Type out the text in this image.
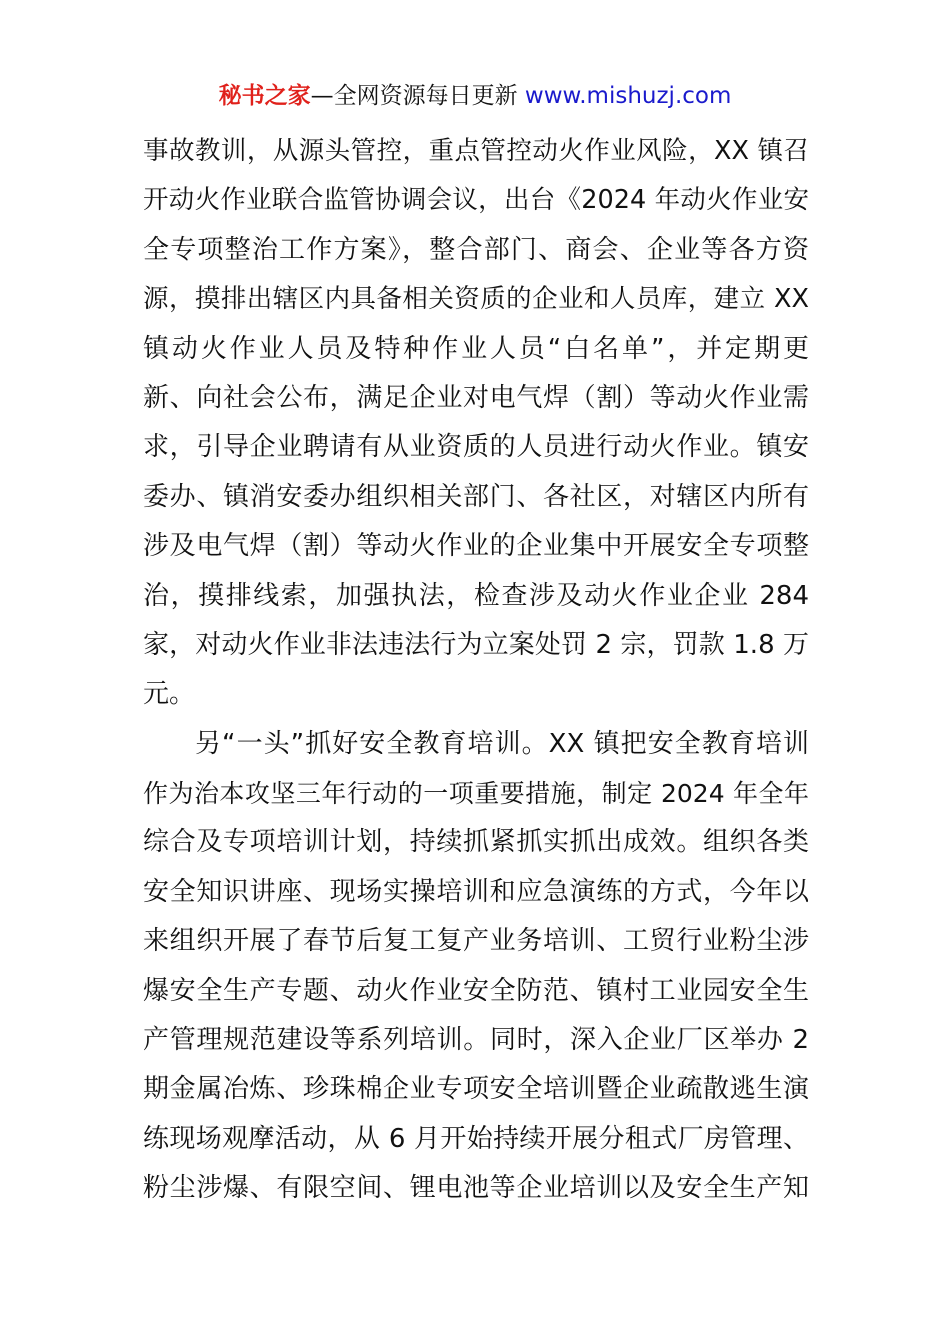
秘书之家—全网资源每日更新 www.mishuzj.com
事故教训，从源头管控，重点管控动火作业风险，XX 镇召
开动火作业联合监管协调会议，出台《2024 年动火作业安
全专项整治工作方案》，整合部门、商会、企业等各方资
源，摸排出辖区内具备相关资质的企业和人员库，建立 XX
镇动火作业人员及特种作业人员“白名单”，并定期更
新、向社会公布，满足企业对电气焊（割）等动火作业需
求，引导企业聘请有从业资质的人员进行动火作业。镇安
委办、镇消安委办组织相关部门、各社区，对辖区内所有
涉及电气焊（割）等动火作业的企业集中开展安全专项整
治，摸排线索，加强执法，检查涉及动火作业企业 284
家，对动火作业非法违法行为立案处罚 2 宗，罚款 1.8 万
元。
另“一头”抓好安全教育培训。XX 镇把安全教育培训
作为治本攻坚三年行动的一项重要措施，制定 2024 年全年
综合及专项培训计划，持续抓紧抓实抓出成效。组织各类
安全知识讲座、现场实操培训和应急演练的方式，今年以
来组织开展了春节后复工复产业务培训、工贸行业粉尘涉
爆安全生产专题、动火作业安全防范、镇村工业园安全生
产管理规范建设等系列培训。同时，深入企业厂区举办 2
期金属冶炼、珍珠棉企业专项安全培训暨企业疏散逃生演
练现场观摩活动，从 6 月开始持续开展分租式厂房管理、
粉尘涉爆、有限空间、锂电池等企业培训以及安全生产知
